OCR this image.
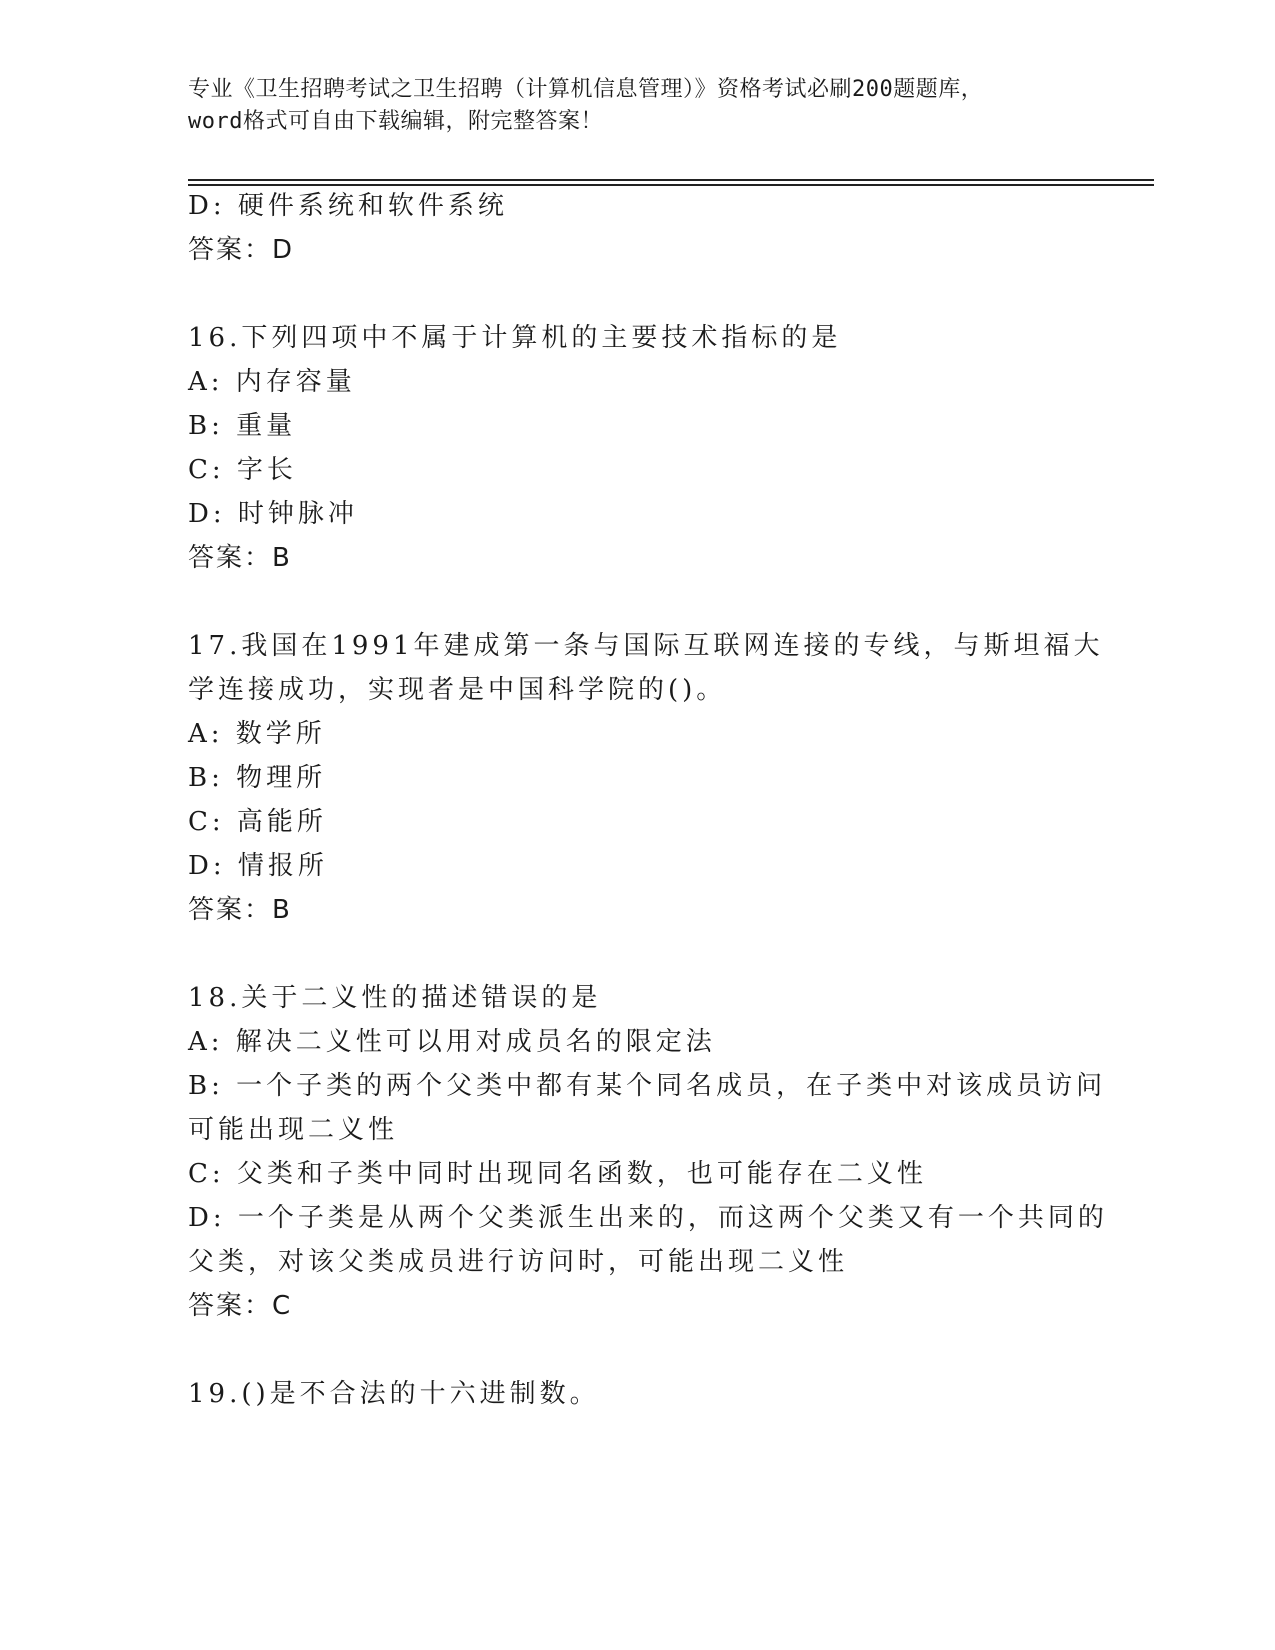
专业《卫生招聘考试之卫生招聘（计算机信息管理）》资格考试必刷200题题库，
word格式可自由下载编辑，附完整答案！
D: 硬件系统和软件系统
答案：D
16.下列四项中不属于计算机的主要技术指标的是
A: 内存容量
B: 重量
C: 字长
D: 时钟脉冲
答案：B
17.我国在1991年建成第一条与国际互联网连接的专线，与斯坦福大
学连接成功，实现者是中国科学院的()。
A: 数学所
B: 物理所
C: 高能所
D: 情报所
答案：B
18.关于二义性的描述错误的是
A: 解决二义性可以用对成员名的限定法
B: 一个子类的两个父类中都有某个同名成员，在子类中对该成员访问
可能出现二义性
C: 父类和子类中同时出现同名函数，也可能存在二义性
D: 一个子类是从两个父类派生出来的，而这两个父类又有一个共同的
父类，对该父类成员进行访问时，可能出现二义性
答案：C
19.()是不合法的十六进制数。
